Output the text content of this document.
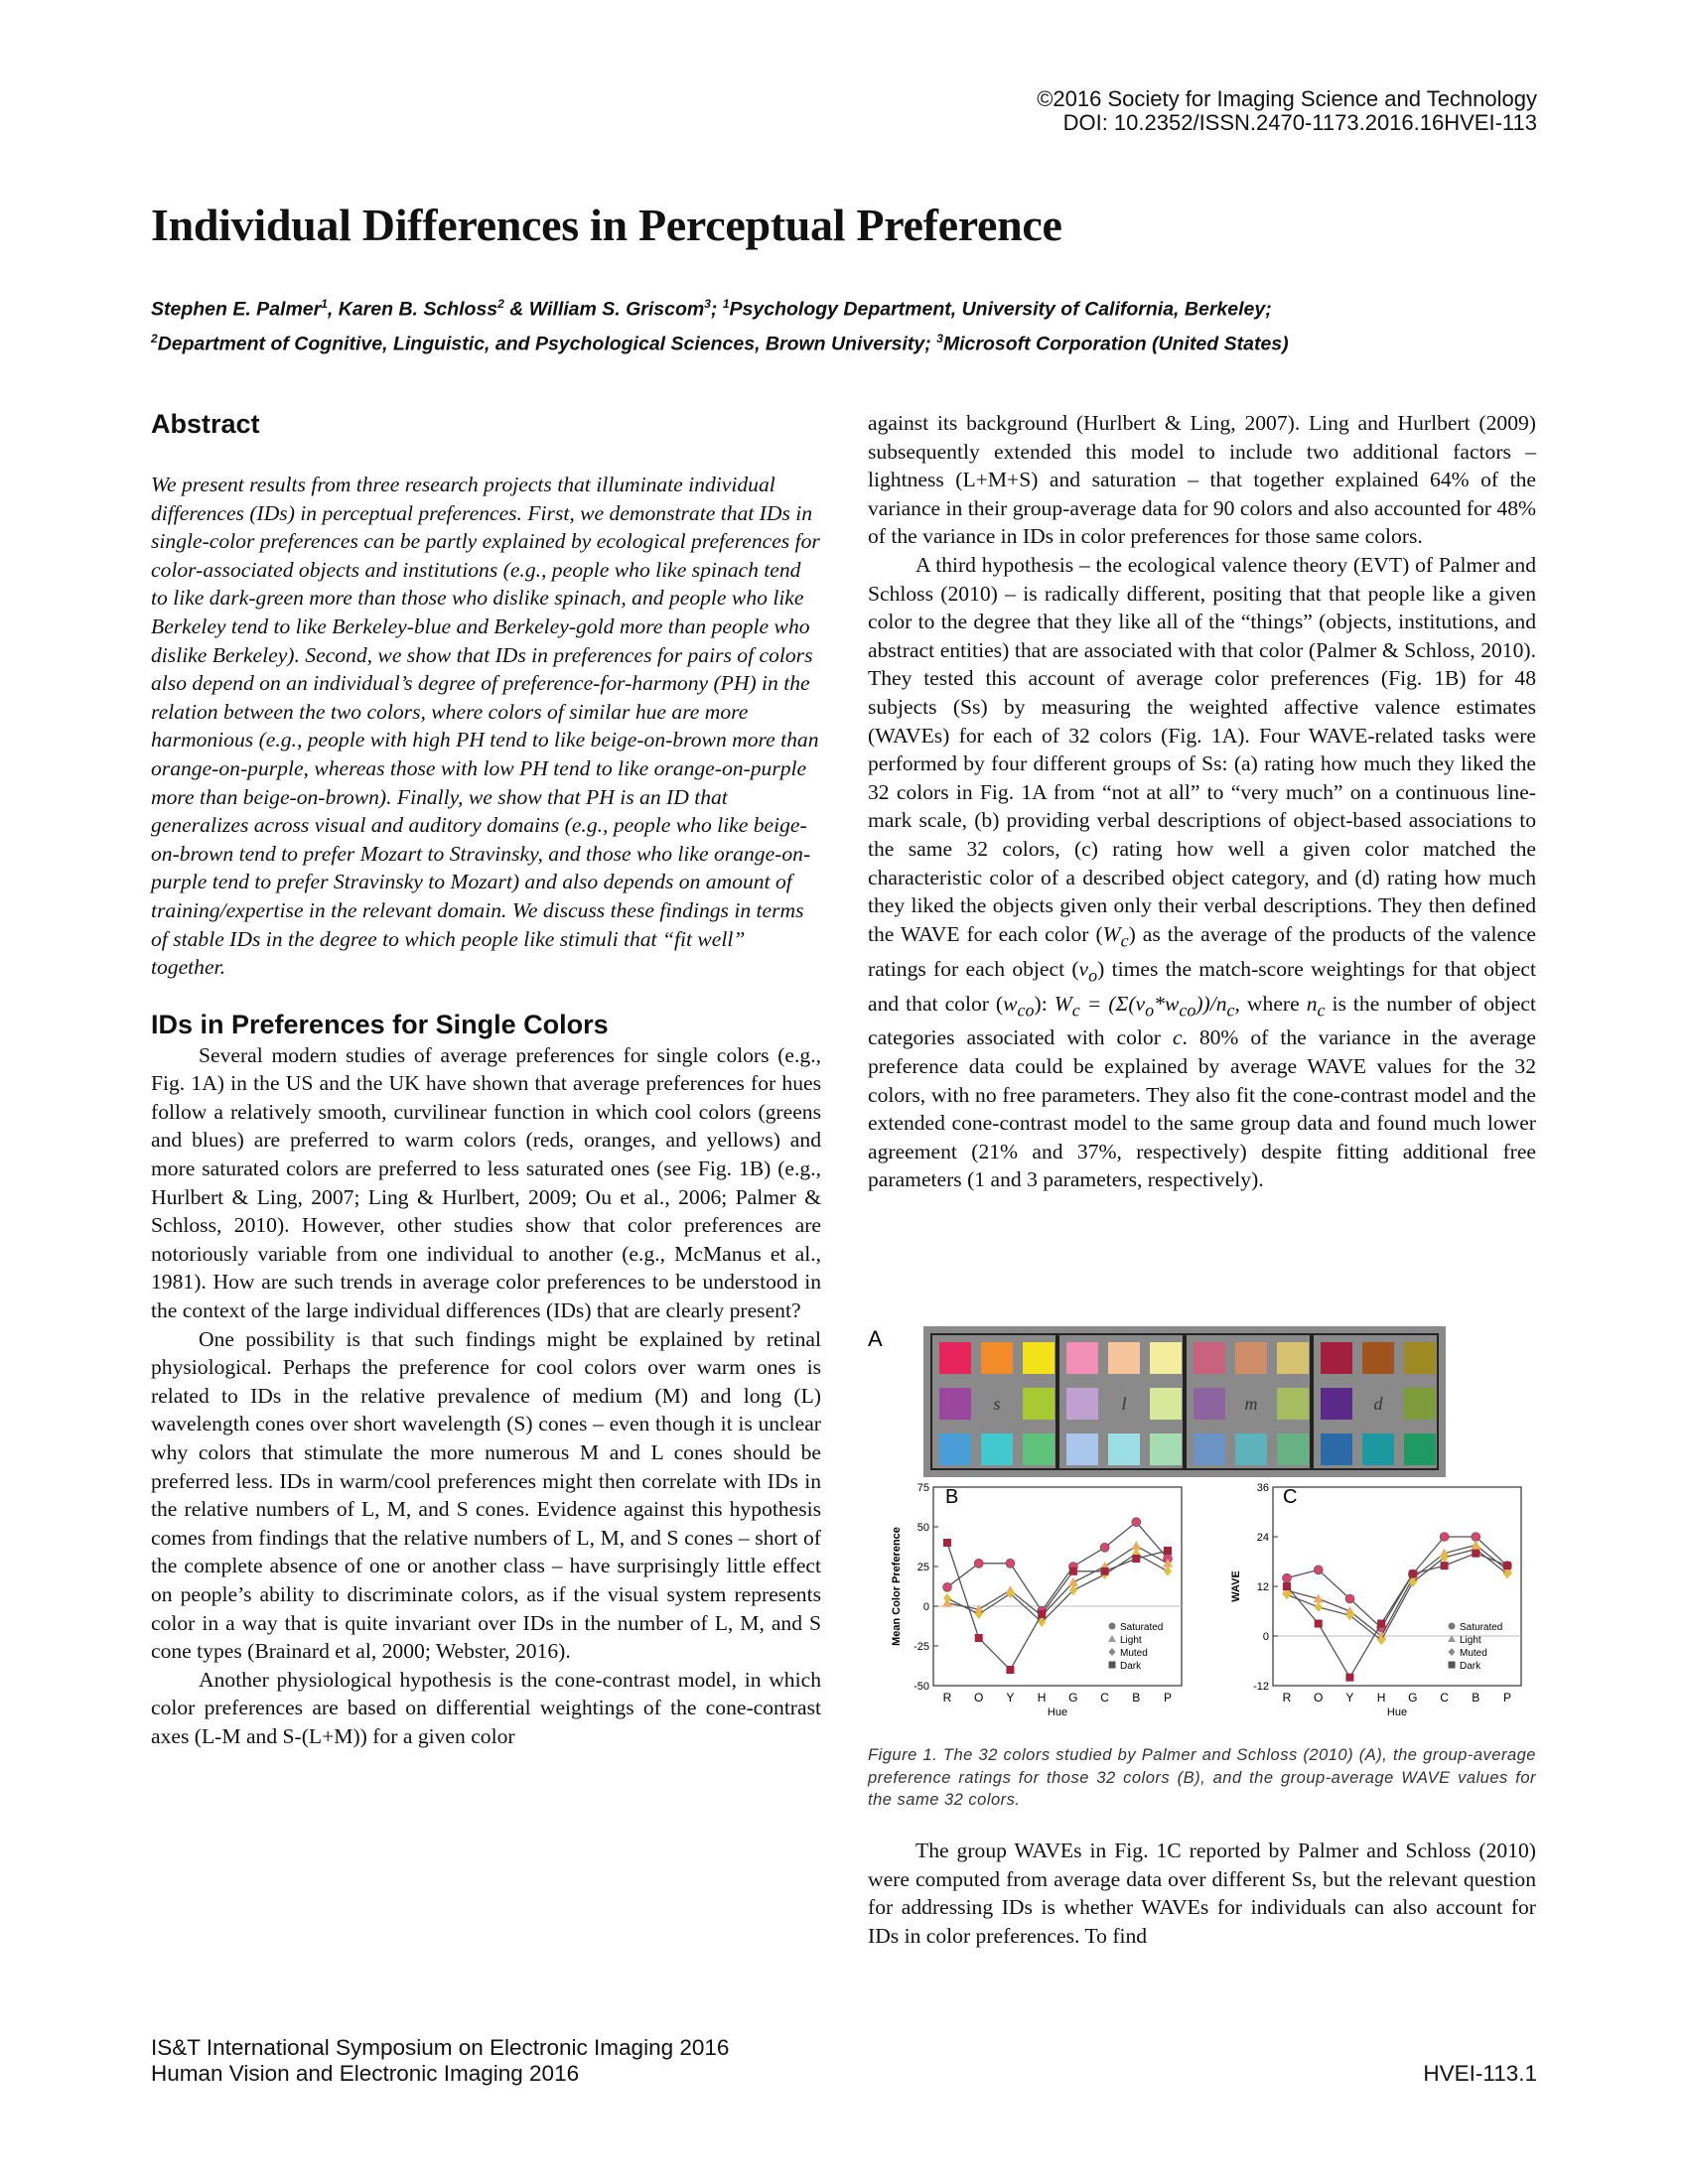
©2016 Society for Imaging Science and Technology
DOI: 10.2352/ISSN.2470-1173.2016.16HVEI-113
Individual Differences in Perceptual Preference
Stephen E. Palmer$^1$, Karen B. Schloss$^2$ & William S. Griscom$^3$; $^1$Psychology Department, University of California, Berkeley;
$^2$Department of Cognitive, Linguistic, and Psychological Sciences, Brown University; $^3$Microsoft Corporation (United States)
Abstract

We present results from three research projects that illuminate individual differences (IDs) in perceptual preferences. First, we demonstrate that IDs in single-color preferences can be partly explained by ecological preferences for color-associated objects and institutions (e.g., people who like spinach tend to like dark-green more than those who dislike spinach, and people who like Berkeley tend to like Berkeley-blue and Berkeley-gold more than people who dislike Berkeley). Second, we show that IDs in preferences for pairs of colors also depend on an individual’s degree of preference-for-harmony (PH) in the relation between the two colors, where colors of similar hue are more harmonious (e.g., people with high PH tend to like beige-on-brown more than orange-on-purple, whereas those with low PH tend to like orange-on-purple more than beige-on-brown). Finally, we show that PH is an ID that generalizes across visual and auditory domains (e.g., people who like beige-on-brown tend to prefer Mozart to Stravinsky, and those who like orange-on-purple tend to prefer Stravinsky to Mozart) and also depends on amount of training/expertise in the relevant domain. We discuss these findings in terms of stable IDs in the degree to which people like stimuli that “fit well” together.

IDs in Preferences for Single Colors

Several modern studies of average preferences for single colors (e.g., Fig. 1A) in the US and the UK have shown that average preferences for hues follow a relatively smooth, curvilinear function in which cool colors (greens and blues) are preferred to warm colors (reds, oranges, and yellows) and more saturated colors are preferred to less saturated ones (see Fig. 1B) (e.g., Hurlbert & Ling, 2007; Ling & Hurlbert, 2009; Ou et al., 2006; Palmer & Schloss, 2010). However, other studies show that color preferences are notoriously variable from one individual to another (e.g., McManus et al., 1981). How are such trends in average color preferences to be understood in the context of the large individual differences (IDs) that are clearly present?

One possibility is that such findings might be explained by retinal physiological. Perhaps the preference for cool colors over warm ones is related to IDs in the relative prevalence of medium (M) and long (L) wavelength cones over short wavelength (S) cones – even though it is unclear why colors that stimulate the more numerous M and L cones should be preferred less. IDs in warm/cool preferences might then correlate with IDs in the relative numbers of L, M, and S cones. Evidence against this hypothesis comes from findings that the relative numbers of L, M, and S cones – short of the complete absence of one or another class – have surprisingly little effect on people’s ability to discriminate colors, as if the visual system represents color in a way that is quite invariant over IDs in the number of L, M, and S cone types (Brainard et al, 2000; Webster, 2016).

Another physiological hypothesis is the cone-contrast model, in which color preferences are based on differential weightings of the cone-contrast axes (L-M and S-(L+M)) for a given color

against its background (Hurlbert & Ling, 2007). Ling and Hurlbert (2009) subsequently extended this model to include two additional factors – lightness (L+M+S) and saturation – that together explained 64% of the variance in their group-average data for 90 colors and also accounted for 48% of the variance in IDs in color preferences for those same colors.

A third hypothesis – the ecological valence theory (EVT) of Palmer and Schloss (2010) – is radically different, positing that that people like a given color to the degree that they like all of the “things” (objects, institutions, and abstract entities) that are associated with that color (Palmer & Schloss, 2010). They tested this account of average color preferences (Fig. 1B) for 48 subjects (Ss) by measuring the weighted affective valence estimates (WAVEs) for each of 32 colors (Fig. 1A). Four WAVE-related tasks were performed by four different groups of Ss: (a) rating how much they liked the 32 colors in Fig. 1A from “not at all” to “very much” on a continuous line-mark scale, (b) providing verbal descriptions of object-based associations to the same 32 colors, (c) rating how well a given color matched the characteristic color of a described object category, and (d) rating how much they liked the objects given only their verbal descriptions. They then defined the WAVE for each color $(W_c)$ as the average of the products of the valence ratings for each object $(v_o)$ times the match-score weightings for that object and that color $(w_{co})$: $W_c = (\Sigma(v_o*w_{co}))/n_c$, where $n_c$ is the number of object categories associated with color c. 80% of the variance in the average preference data could be explained by average WAVE values for the 32 colors, with no free parameters. They also fit the cone-contrast model and the extended cone-contrast model to the same group data and found much lower agreement (21% and 37%, respectively) despite fitting additional free parameters (1 and 3 parameters, respectively).

A
s	l	m	d
B	C
75
50
25
0
-25
-50
R O Y H G C B P
Hue
Mean Color Preference	Saturated
Light
Muted
Dark
36
24
12
0
-12
R O Y H G C B P
Hue
WAVE
Saturated
Light
Muted
Dark
Figure 1. The 32 colors studied by Palmer and Schloss (2010) (A), the group-average preference ratings for those 32 colors (B), and the group-average WAVE values for the same 32 colors.

The group WAVEs in Fig. 1C reported by Palmer and Schloss (2010) were computed from average data over different Ss, but the relevant question for addressing IDs is whether WAVEs for individuals can also account for IDs in color preferences. To find

IS&T International Symposium on Electronic Imaging 2016
Human Vision and Electronic Imaging 2016	HVEI-113.1
